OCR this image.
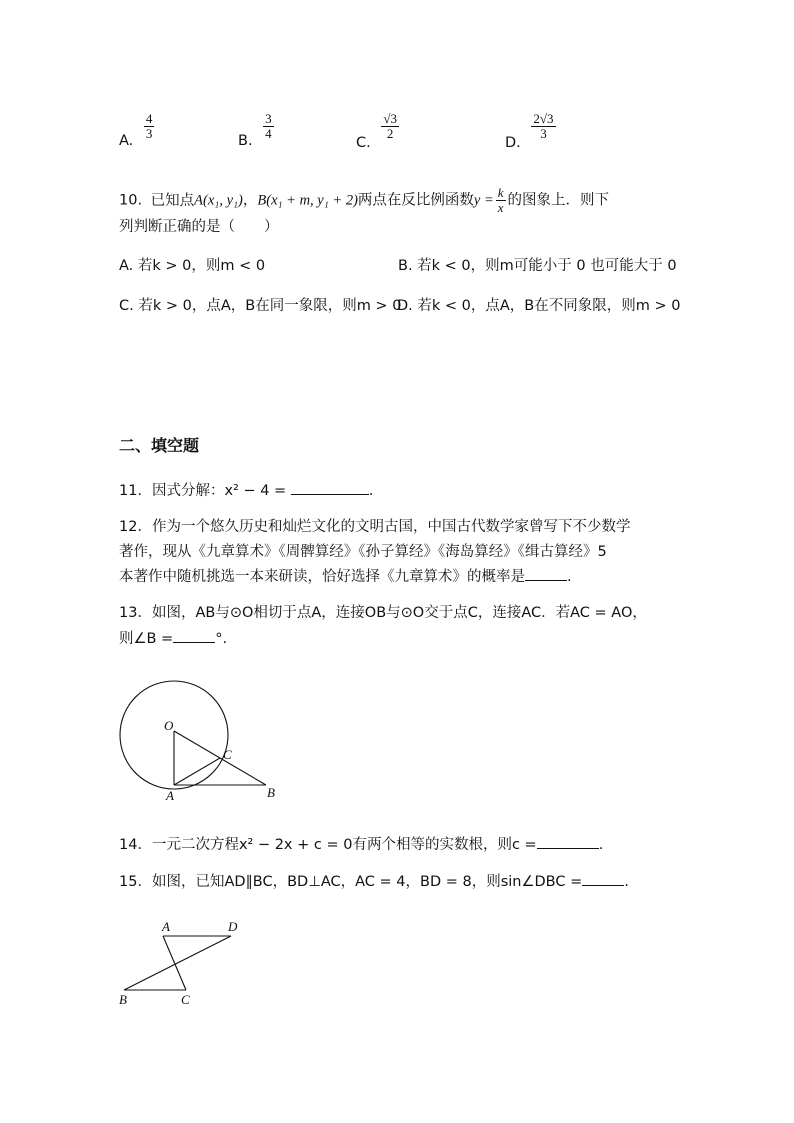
A. $\frac{4}{3}$	B. $\frac{3}{4}$
C.
$\frac{√3}{2}$
D.
$\frac{2√3}{3}$
10. 已知点A(x₁, y₁)，B(x₁ + m, y₁ + 2)两点在反比例函数$y = \frac{k}{x}$ 的图象上．则下
列判断正确的是（　　）
A. 若k > 0，则m < 0	B. 若k < 0，则m可能小于 0 也可能大于 0
C. 若k > 0，点A，B在同一象限，则m > 0
D. 若k < 0，点A，B在不同象限，则m > 0
二、填空题
11．因式分解：x² − 4 =	.
12．作为一个悠久历史和灿烂文化的文明古国，中国古代数学家曾写下不少数学
著作，现从《九章算术》《周髀算经》《孙子算经》《海岛算经》《缉古算经》5
本著作中随机挑选一本来研读，恰好选择《九章算术》的概率是	.
13．如图，AB与⊙O相切于点A，连接OB与⊙O交于点C，连接AC．若AC = AO，
则∠B =	°.
O
C
A	B
14．一元二次方程x² − 2x + c = 0有两个相等的实数根，则c =	.
15．如图，已知AD∥BC，BD⊥AC，AC = 4，BD = 8，则sin∠DBC =	.
A	D
B	C
